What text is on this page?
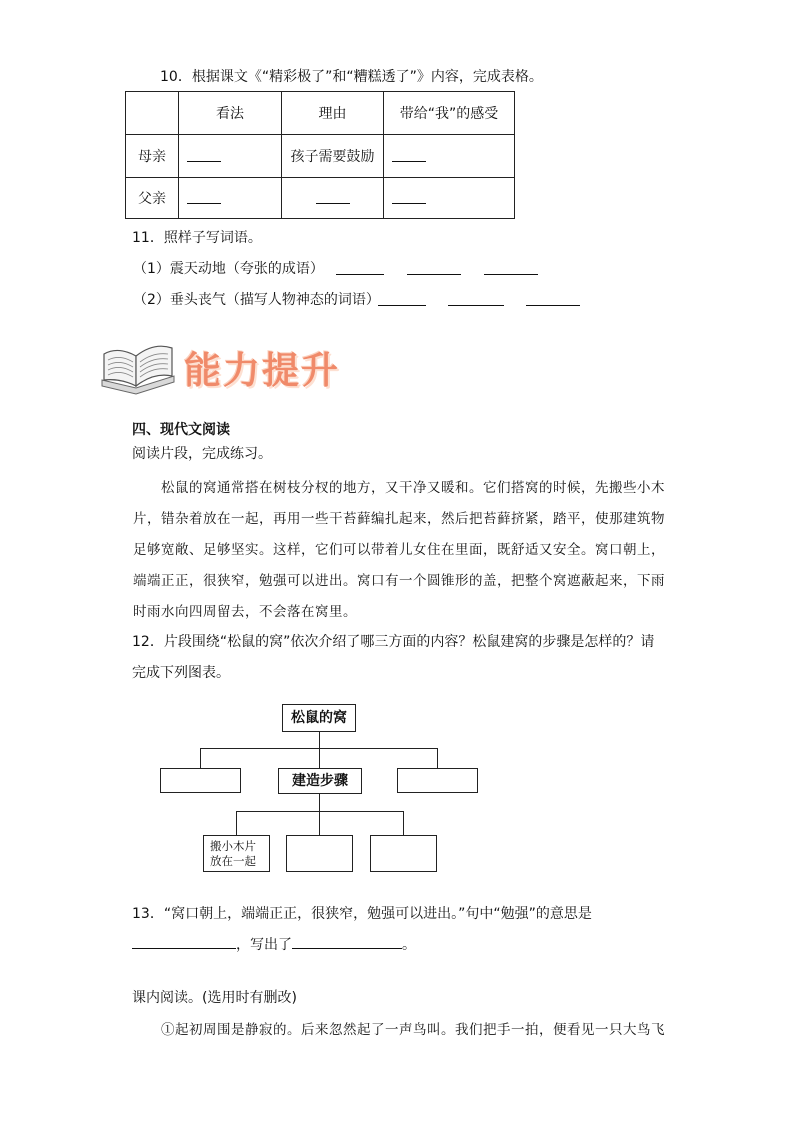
10．根据课文《“精彩极了”和“糟糕透了”》内容，完成表格。
	看法	理由	带给“我”的感受
母亲		孩子需要鼓励	
父亲			
11．照样子写词语。
（1）震天动地（夸张的成语）
（2）垂头丧气（描写人物神态的词语）
能力提升
四、现代文阅读
阅读片段，完成练习。
松鼠的窝通常搭在树枝分杈的地方，又干净又暖和。它们搭窝的时候，先搬些小木
片，错杂着放在一起，再用一些干苔藓编扎起来，然后把苔藓挤紧，踏平，使那建筑物
足够宽敞、足够坚实。这样，它们可以带着儿女住在里面，既舒适又安全。窝口朝上，
端端正正，很狭窄，勉强可以进出。窝口有一个圆锥形的盖，把整个窝遮蔽起来，下雨
时雨水向四周留去，不会落在窝里。
12．片段围绕“松鼠的窝”依次介绍了哪三方面的内容？松鼠建窝的步骤是怎样的？请
完成下列图表。
松鼠的窝
建造步骤
搬小木片
放在一起
13．“窝口朝上，端端正正，很狭窄，勉强可以进出。”句中“勉强”的意思是
，写出了	。
课内阅读。(选用时有删改)
①起初周围是静寂的。后来忽然起了一声鸟叫。我们把手一拍，便看见一只大鸟飞
